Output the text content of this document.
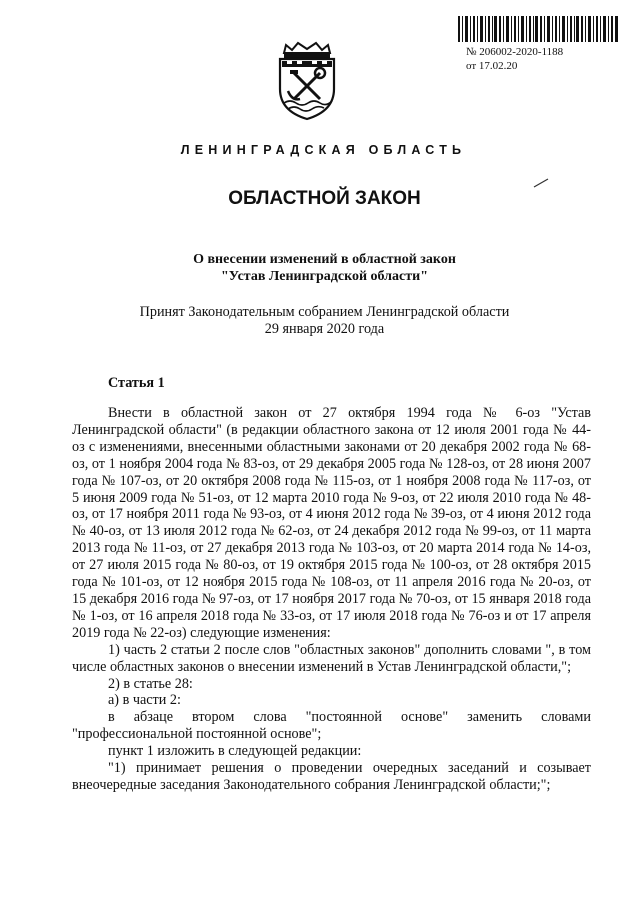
№ 206002-2020-1188
от 17.02.20
ЛЕНИНГРАДСКАЯ ОБЛАСТЬ
ОБЛАСТНОЙ ЗАКОН
О внесении изменений в областной закон
"Устав Ленинградской области"
Принят Законодательным собранием Ленинградской области
29 января 2020 года
Статья 1

Внести в областной закон от 27 октября 1994 года № 6-оз "Устав Ленинградской области" (в редакции областного закона от 12 июля 2001 года № 44-оз с изменениями, внесенными областными законами от 20 декабря 2002 года № 68-оз, от 1 ноября 2004 года № 83-оз, от 29 декабря 2005 года № 128-оз, от 28 июня 2007 года № 107-оз, от 20 октября 2008 года № 115-оз, от 1 ноября 2008 года № 117-оз, от 5 июня 2009 года № 51-оз, от 12 марта 2010 года № 9-оз, от 22 июля 2010 года № 48-оз, от 17 ноября 2011 года № 93-оз, от 4 июня 2012 года № 39-оз, от 4 июня 2012 года № 40-оз, от 13 июля 2012 года № 62-оз, от 24 декабря 2012 года № 99-оз, от 11 марта 2013 года № 11-оз, от 27 декабря 2013 года № 103-оз, от 20 марта 2014 года № 14-оз, от 27 июля 2015 года № 80-оз, от 19 октября 2015 года № 100-оз, от 28 октября 2015 года № 101-оз, от 12 ноября 2015 года № 108-оз, от 11 апреля 2016 года № 20-оз, от 15 декабря 2016 года № 97-оз, от 17 ноября 2017 года № 70-оз, от 15 января 2018 года № 1-оз, от 16 апреля 2018 года № 33-оз, от 17 июля 2018 года № 76-оз и от 17 апреля 2019 года № 22-оз) следующие изменения:

1) часть 2 статьи 2 после слов "областных законов" дополнить словами ", в том числе областных законов о внесении изменений в Устав Ленинградской области,";

2) в статье 28:

а) в части 2:

в абзаце втором слова "постоянной основе" заменить словами "профессиональной постоянной основе";

пункт 1 изложить в следующей редакции:

"1) принимает решения о проведении очередных заседаний и созывает внеочередные заседания Законодательного собрания Ленинградской области;";
